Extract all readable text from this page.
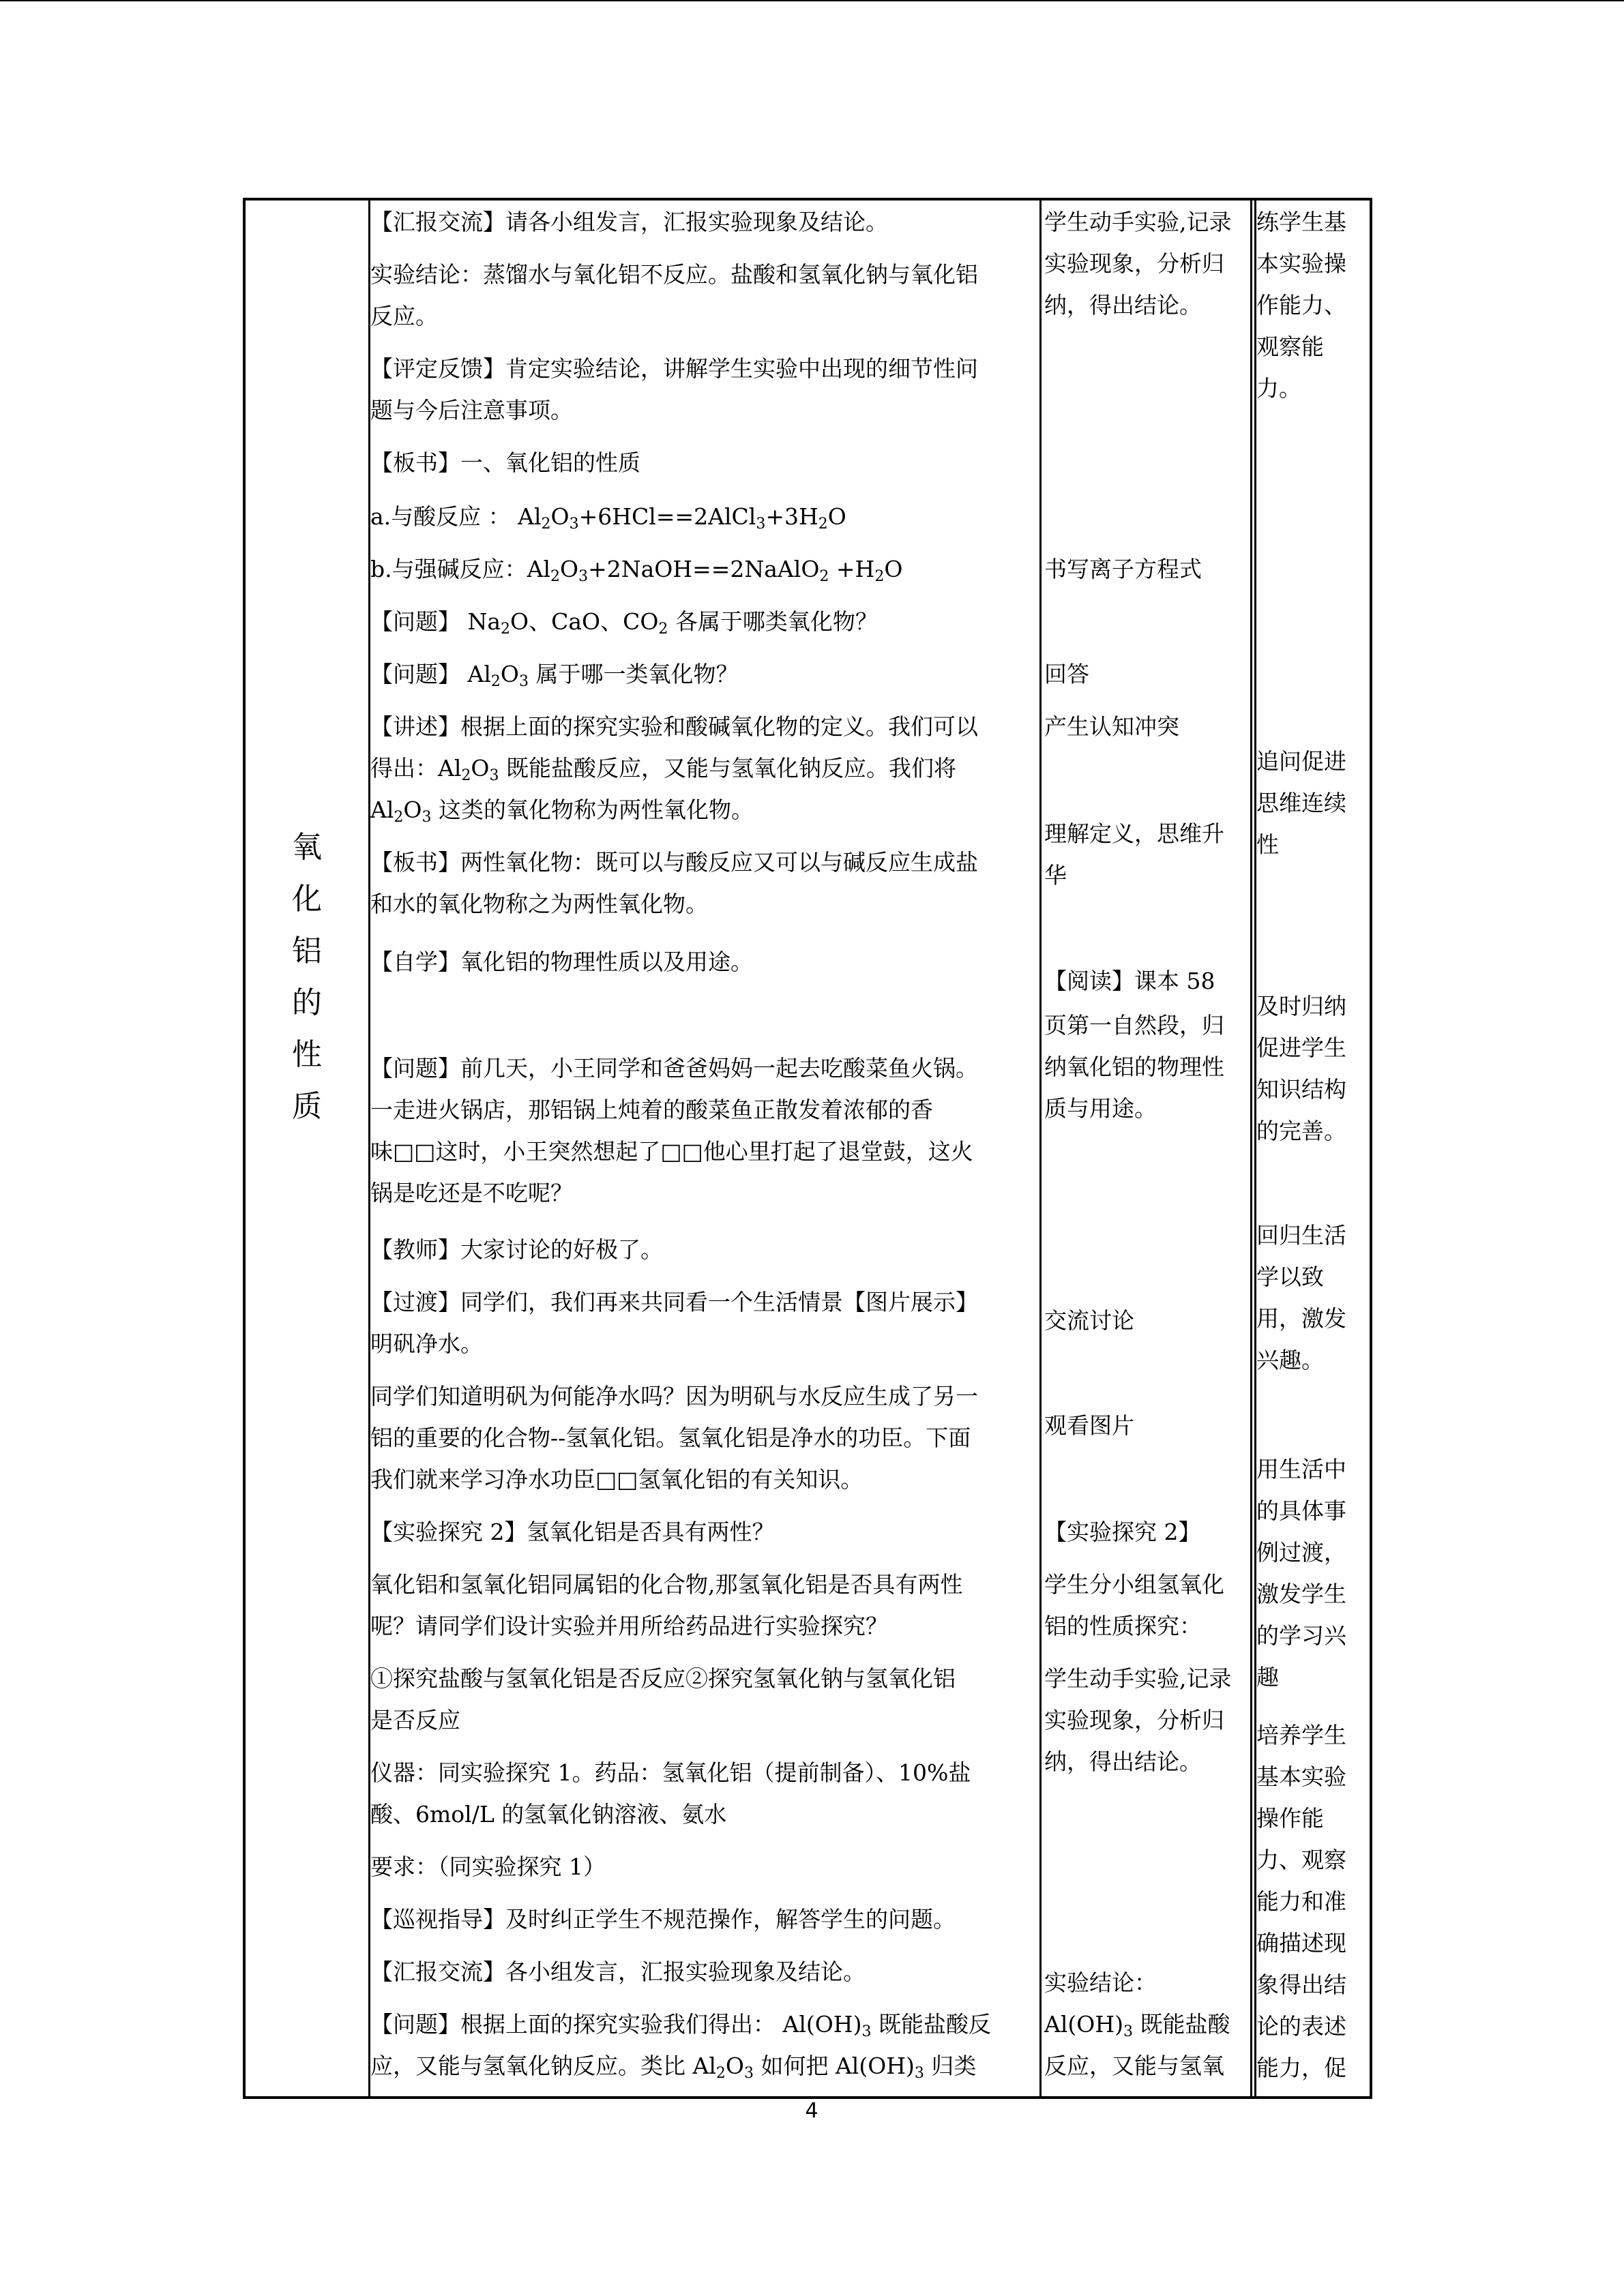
氧
化
铝
的
性
质
【汇报交流】请各小组发言，汇报实验现象及结论。
实验结论：蒸馏水与氧化铝不反应。盐酸和氢氧化钠与氧化铝
反应。
【评定反馈】肯定实验结论，讲解学生实验中出现的细节性问
题与今后注意事项。
【板书】一、氧化铝的性质
a.与酸反应 ： $Al_2O_3+6HCl==2AlCl_3+3H_2O$
b.与强碱反应：$Al_2O_3+2NaOH==2NaAlO_2 +H_2O$
【问题】 $Na_2O$、CaO、$CO_2$ 各属于哪类氧化物？
【问题】 $Al_2O_3$ 属于哪一类氧化物？
【讲述】根据上面的探究实验和酸碱氧化物的定义。我们可以
得出：$Al_2O_3$ 既能盐酸反应，又能与氢氧化钠反应。我们将
$Al_2O_3$ 这类的氧化物称为两性氧化物。
【板书】两性氧化物：既可以与酸反应又可以与碱反应生成盐
和水的氧化物称之为两性氧化物。
【自学】氧化铝的物理性质以及用途。
【问题】前几天，小王同学和爸爸妈妈一起去吃酸菜鱼火锅。
一走进火锅店，那铝锅上炖着的酸菜鱼正散发着浓郁的香
味□□这时，小王突然想起了□□他心里打起了退堂鼓，这火
锅是吃还是不吃呢？
【教师】大家讨论的好极了。
【过渡】同学们，我们再来共同看一个生活情景【图片展示】
明矾净水。
同学们知道明矾为何能净水吗？因为明矾与水反应生成了另一
铝的重要的化合物--氢氧化铝。氢氧化铝是净水的功臣。下面
我们就来学习净水功臣□□氢氧化铝的有关知识。
【实验探究 2】氢氧化铝是否具有两性？
氧化铝和氢氧化铝同属铝的化合物,那氢氧化铝是否具有两性
呢？请同学们设计实验并用所给药品进行实验探究？
①探究盐酸与氢氧化铝是否反应②探究氢氧化钠与氢氧化铝
是否反应
仪器：同实验探究 1。药品：氢氧化铝（提前制备）、10%盐
酸、6mol/L 的氢氧化钠溶液、氨水
要求：（同实验探究 1）
【巡视指导】及时纠正学生不规范操作，解答学生的问题。
【汇报交流】各小组发言，汇报实验现象及结论。
【问题】根据上面的探究实验我们得出： $Al(OH)_3$ 既能盐酸反
应，又能与氢氧化钠反应。类比 $Al_2O_3$ 如何把 $Al(OH)_3$ 归类
学生动手实验,记录
实验现象，分析归
纳，得出结论。
书写离子方程式
回答
产生认知冲突
理解定义，思维升
华
【阅读】课本 58
页第一自然段，归
纳氧化铝的物理性
质与用途。
交流讨论
观看图片
【实验探究 2】
学生分小组氢氧化
铝的性质探究：
学生动手实验,记录
实验现象，分析归
纳，得出结论。
实验结论：
$Al(OH)_3$ 既能盐酸
反应，又能与氢氧
练学生基
本实验操
作能力、
观察能
力。
追问促进
思维连续
性
及时归纳
促进学生
知识结构
的完善。
回归生活
学以致
用，激发
兴趣。
用生活中
的具体事
例过渡，
激发学生
的学习兴
趣
培养学生
基本实验
操作能
力、观察
能力和准
确描述现
象得出结
论的表述
能力，促
4
